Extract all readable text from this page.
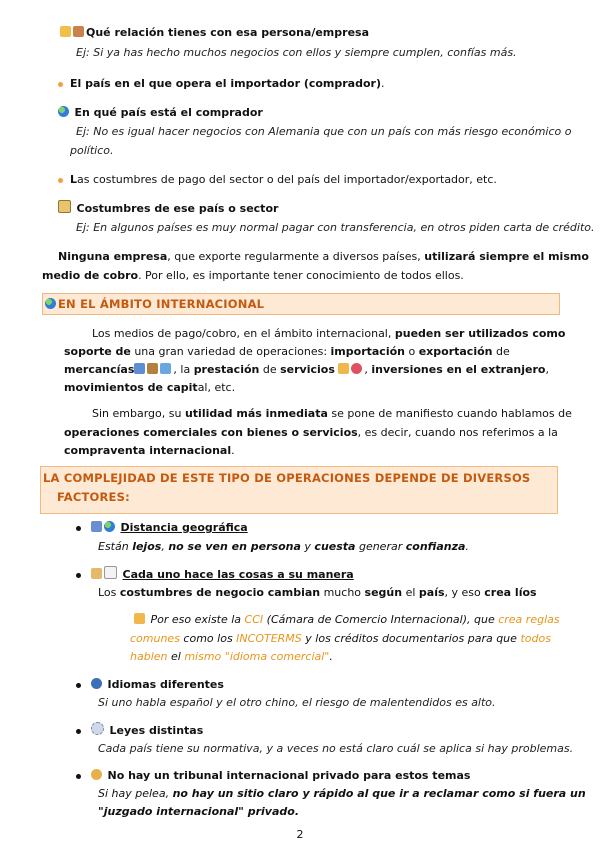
Qué relación tienes con esa persona/empresa
Ej: Si ya has hecho muchos negocios con ellos y siempre cumplen, confías más.
El país en el que opera el importador (comprador).
En qué país está el comprador
Ej: No es igual hacer negocios con Alemania que con un país con más riesgo económico o
político.
Las costumbres de pago del sector o del país del importador/exportador, etc.
Costumbres de ese país o sector
Ej: En algunos países es muy normal pagar con transferencia, en otros piden carta de crédito.
Ninguna empresa, que exporte regularmente a diversos países, utilizará siempre el mismo
medio de cobro. Por ello, es importante tener conocimiento de todos ellos.
EN EL ÁMBITO INTERNACIONAL
Los medios de pago/cobro, en el ámbito internacional, pueden ser utilizados como
soporte de una gran variedad de operaciones: importación o exportación de
mercancías	, la prestación de servicios	, inversiones en el extranjero,
movimientos de capital, etc.
Sin embargo, su utilidad más inmediata se pone de manifiesto cuando hablamos de
operaciones comerciales con bienes o servicios, es decir, cuando nos referimos a la
compraventa internacional.
LA COMPLEJIDAD DE ESTE TIPO DE OPERACIONES DEPENDE DE DIVERSOS
FACTORES:
Distancia geográfica
Están lejos, no se ven en persona y cuesta generar confianza.
Cada uno hace las cosas a su manera
Los costumbres de negocio cambian mucho según el país, y eso crea líos
Por eso existe la CCI (Cámara de Comercio Internacional), que crea reglas
comunes como los INCOTERMS y los créditos documentarios para que todos
hablen el mismo "idioma comercial".
Idiomas diferentes
Si uno habla español y el otro chino, el riesgo de malentendidos es alto.
Leyes distintas
Cada país tiene su normativa, y a veces no está claro cuál se aplica si hay problemas.
No hay un tribunal internacional privado para estos temas
Si hay pelea, no hay un sitio claro y rápido al que ir a reclamar como si fuera un
"juzgado internacional" privado.
2
